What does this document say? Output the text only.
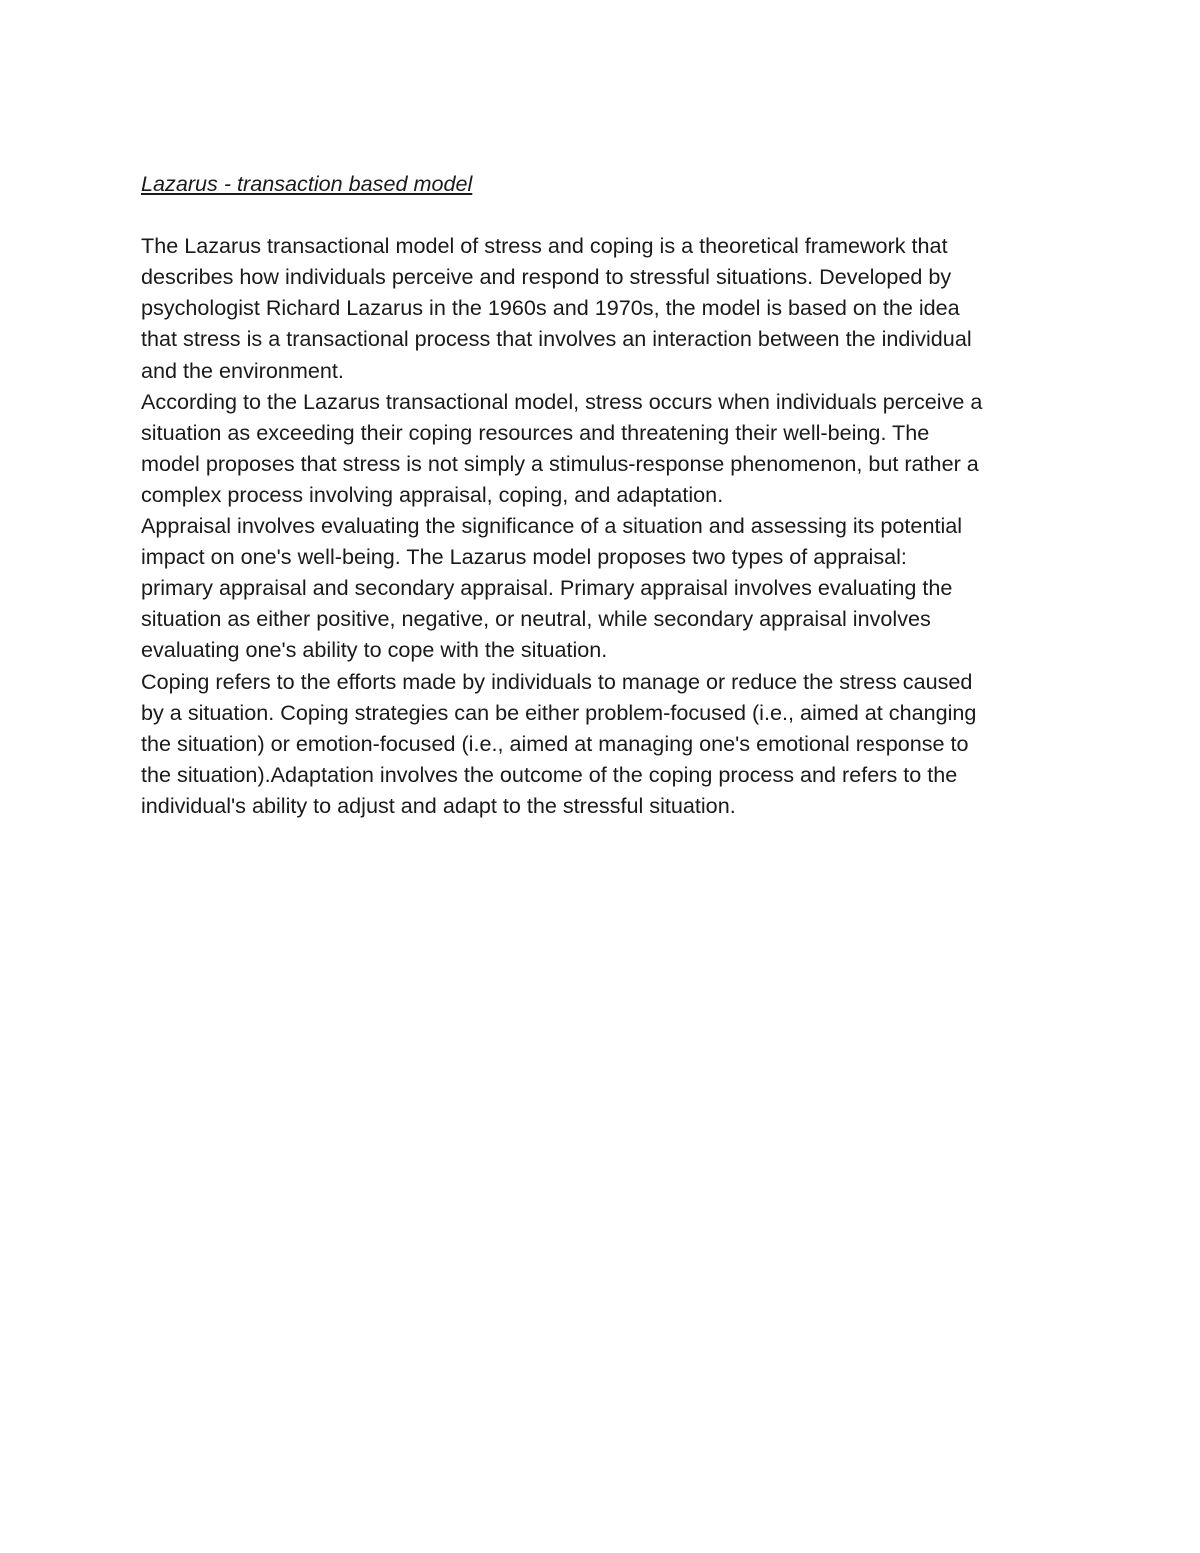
Lazarus - transaction based model
The Lazarus transactional model of stress and coping is a theoretical framework that
describes how individuals perceive and respond to stressful situations. Developed by
psychologist Richard Lazarus in the 1960s and 1970s, the model is based on the idea
that stress is a transactional process that involves an interaction between the individual
and the environment.
According to the Lazarus transactional model, stress occurs when individuals perceive a
situation as exceeding their coping resources and threatening their well-being. The
model proposes that stress is not simply a stimulus-response phenomenon, but rather a
complex process involving appraisal, coping, and adaptation.
Appraisal involves evaluating the significance of a situation and assessing its potential
impact on one's well-being. The Lazarus model proposes two types of appraisal:
primary appraisal and secondary appraisal. Primary appraisal involves evaluating the
situation as either positive, negative, or neutral, while secondary appraisal involves
evaluating one's ability to cope with the situation.
Coping refers to the efforts made by individuals to manage or reduce the stress caused
by a situation. Coping strategies can be either problem-focused (i.e., aimed at changing
the situation) or emotion-focused (i.e., aimed at managing one's emotional response to
the situation).Adaptation involves the outcome of the coping process and refers to the
individual's ability to adjust and adapt to the stressful situation.
